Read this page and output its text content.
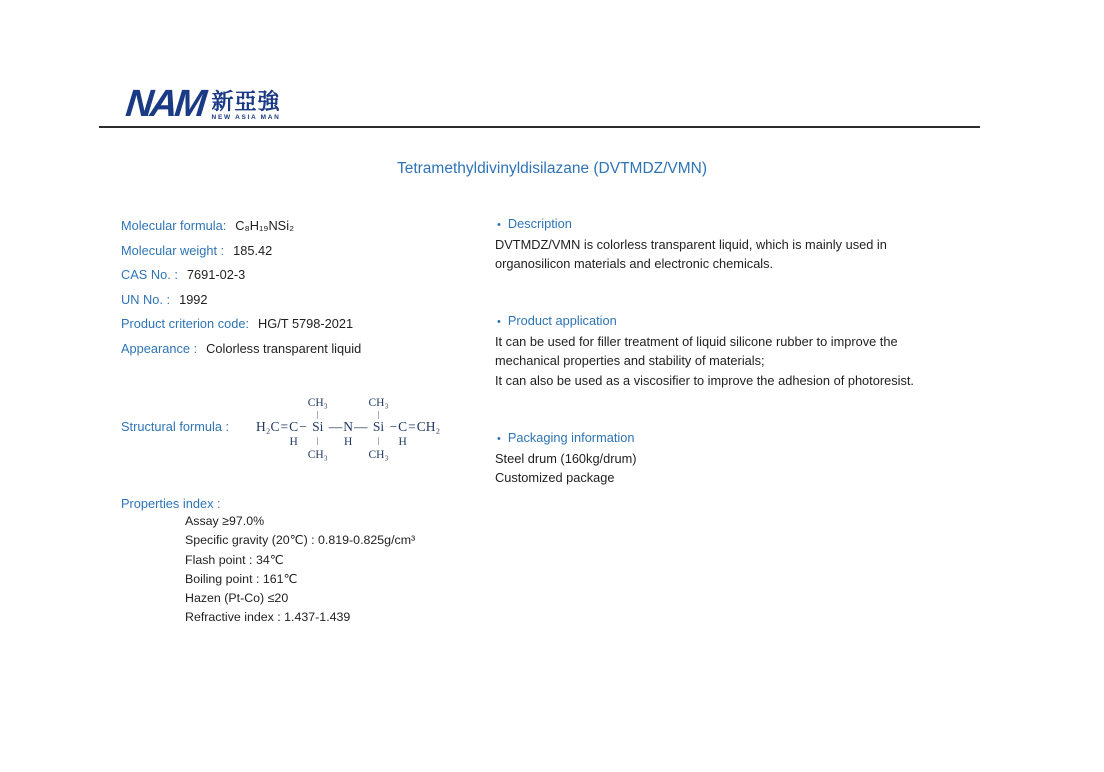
NAM 新亞強
NEW ASIA MAN
Tetramethyldivinyldisilazane (DVTMDZ/VMN)
Molecular formula: C₈H₁₉NSi₂
Molecular weight : 185.42
CAS No. : 7691-02-3
UN No. : 1992
Product criterion code: HG/T 5798-2021
Appearance : Colorless transparent liquid
Structural formula : H₂C = C
H
−
CH₃
|
Si
|
CH₃
— N
H
—
CH₃
|
Si
|
CH₃
− C
H
= CH₂
Properties index :
Assay ≥97.0%
Specific gravity (20℃) : 0.819-0.825g/cm³
Flash point : 34℃
Boiling point : 161℃
Hazen (Pt-Co) ≤20
Refractive index : 1.437-1.439
• Description
DVTMDZ/VMN is colorless transparent liquid, which is mainly used in
organosilicon materials and electronic chemicals.
• Product application
It can be used for filler treatment of liquid silicone rubber to improve the
mechanical properties and stability of materials;
It can also be used as a viscosifier to improve the adhesion of photoresist.
• Packaging information
Steel drum (160kg/drum)
Customized package
